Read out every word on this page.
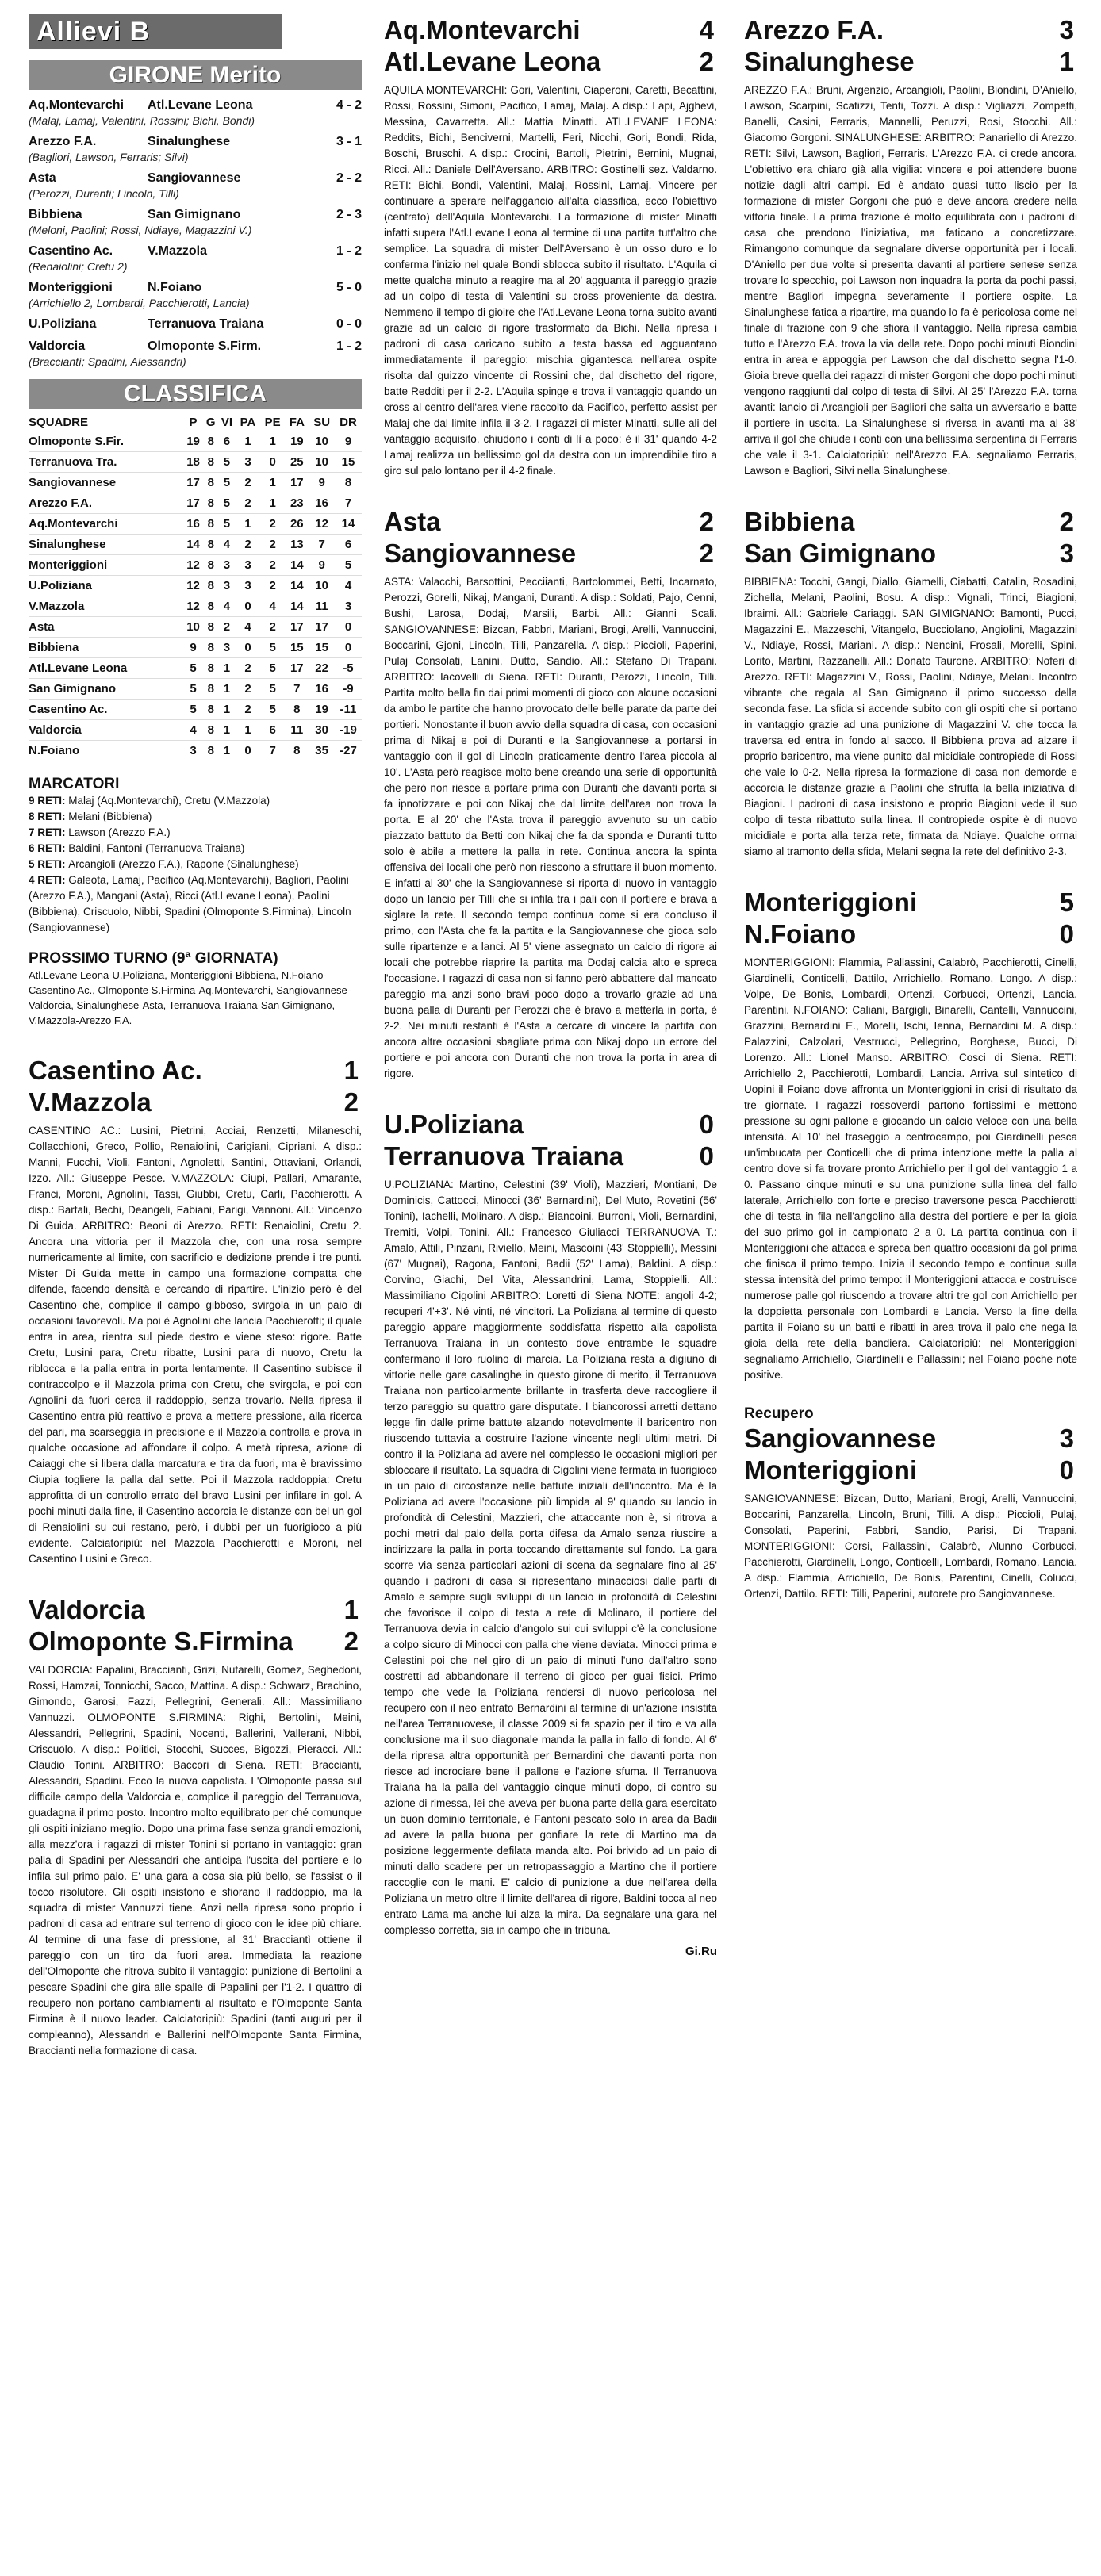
Allievi B
GIRONE Merito
Aq.Montevarchi	Atl.Levane Leona	4 - 2
(Malaj, Lamaj, Valentini, Rossini; Bichi, Bondi)
Arezzo F.A.	Sinalunghese	3 - 1
(Bagliori, Lawson, Ferraris; Silvi)
Asta	Sangiovannese	2 - 2
(Perozzi, Duranti; Lincoln, Tilli)
Bibbiena	San Gimignano	2 - 3
(Meloni, Paolini; Rossi, Ndiaye, Magazzini V.)
Casentino Ac.	V.Mazzola	1 - 2
(Renaiolini; Cretu 2)
Monteriggioni	N.Foiano	5 - 0
(Arrichiello 2, Lombardi, Pacchierotti, Lancia)
U.Poliziana	Terranuova Traiana	0 - 0
Valdorcia	Olmoponte S.Firm.	1 - 2
(Bracciantì; Spadini, Alessandri)
CLASSIFICA
SQUADRE	P	G	VI	PA	PE	FA	SU	DR
Olmoponte S.Fir.	19	8	6	1	1	19	10	9
Terranuova Tra.	18	8	5	3	0	25	10	15
Sangiovannese	17	8	5	2	1	17	9	8
Arezzo F.A.	17	8	5	2	1	23	16	7
Aq.Montevarchi	16	8	5	1	2	26	12	14
Sinalunghese	14	8	4	2	2	13	7	6
Monteriggioni	12	8	3	3	2	14	9	5
U.Poliziana	12	8	3	3	2	14	10	4
V.Mazzola	12	8	4	0	4	14	11	3
Asta	10	8	2	4	2	17	17	0
Bibbiena	9	8	3	0	5	15	15	0
Atl.Levane Leona	5	8	1	2	5	17	22	-5
San Gimignano	5	8	1	2	5	7	16	-9
Casentino Ac.	5	8	1	2	5	8	19	-11
Valdorcia	4	8	1	1	6	11	30	-19
N.Foiano	3	8	1	0	7	8	35	-27
MARCATORI
9 RETI: Malaj (Aq.Montevarchi), Cretu (V.Mazzola)
8 RETI: Melani (Bibbiena)
7 RETI: Lawson (Arezzo F.A.)
6 RETI: Baldini, Fantoni (Terranuova Traiana)
5 RETI: Arcangioli (Arezzo F.A.), Rapone (Sinalunghese)
4 RETI: Galeota, Lamaj, Pacifico (Aq.Montevarchi), Bagliori, Paolini (Arezzo F.A.), Mangani (Asta), Ricci (Atl.Levane Leona), Paolini (Bibbiena), Criscuolo, Nibbi, Spadini (Olmoponte S.Firmina), Lincoln (Sangiovannese)
PROSSIMO TURNO (9ª GIORNATA)
Atl.Levane Leona-U.Poliziana, Monteriggioni-Bibbiena, N.Foiano-Casentino Ac., Olmoponte S.Firmina-Aq.Montevarchi, Sangiovannese-Valdorcia, Sinalunghese-Asta, Terranuova Traiana-San Gimignano, V.Mazzola-Arezzo F.A.
Casentino Ac.	1
V.Mazzola	2
CASENTINO AC.: Lusini, Pietrini, Acciai, Renzetti, Milaneschi, Collacchioni, Greco, Pollio, Renaiolini, Carigiani, Cipriani. A disp.: Manni, Fucchi, Violi, Fantoni, Agnoletti, Santini, Ottaviani, Orlandi, Izzo. All.: Giuseppe Pesce. V.MAZZOLA: Ciupi, Pallari, Amarante, Franci, Moroni, Agnolini, Tassi, Giubbi, Cretu, Carli, Pacchierotti. A disp.: Bartali, Bechi, Deangeli, Fabiani, Parigi, Vannoni. All.: Vincenzo Di Guida. ARBITRO: Beoni di Arezzo. RETI: Renaiolini, Cretu 2. Ancora una vittoria per il Mazzola che, con una rosa sempre numericamente al limite, con sacrificio e dedizione prende i tre punti. Mister Di Guida mette in campo una formazione compatta che difende, facendo densità e cercando di ripartire. L'inizio però è del Casentino che, complice il campo gibboso, svirgola in un paio di occasioni favorevoli. Ma poi è Agnolini che lancia Pacchierotti; il quale entra in area, rientra sul piede destro e viene steso: rigore. Batte Cretu, Lusini para, Cretu ribatte, Lusini para di nuovo, Cretu la riblocca e la palla entra in porta lentamente. Il Casentino subisce il contraccolpo e il Mazzola prima con Cretu, che svirgola, e poi con Agnolini da fuori cerca il raddoppio, senza trovarlo. Nella ripresa il Casentino entra più reattivo e prova a mettere pressione, alla ricerca del pari, ma scarseggia in precisione e il Mazzola controlla e prova in qualche occasione ad affondare il colpo. A metà ripresa, azione di Caiaggi che si libera dalla marcatura e tira da fuori, ma è bravissimo Ciupia togliere la palla dal sette. Poi il Mazzola raddoppia: Cretu approfitta di un controllo errato del bravo Lusini per infilare in gol. A pochi minuti dalla fine, il Casentino accorcia le distanze con bel un gol di Renaiolini su cui restano, però, i dubbi per un fuorigioco a più evidente. Calciatoripiù: nel Mazzola Pacchierotti e Moroni, nel Casentino Lusini e Greco.
Valdorcia	1
Olmoponte S.Firmina 2
VALDORCIA: Papalini, Braccianti, Grizi, Nutarelli, Gomez, Seghedoni, Rossi, Hamzai, Tonnicchi, Sacco, Mattina. A disp.: Schwarz, Brachino, Gimondo, Garosi, Fazzi, Pellegrini, Generali. All.: Massimiliano Vannuzzi. OLMOPONTE S.FIRMINA: Righi, Bertolini, Meini, Alessandri, Pellegrini, Spadini, Nocenti, Ballerini, Vallerani, Nibbi, Criscuolo. A disp.: Politici, Stocchi, Succes, Bigozzi, Pieracci. All.: Claudio Tonini. ARBITRO: Baccori di Siena. RETI: Braccianti, Alessandri, Spadini. Ecco la nuova capolista. L'Olmoponte passa sul difficile campo della Valdorcia e, complice il pareggio del Terranuova, guadagna il primo posto. Incontro molto equilibrato per ché comunque gli ospiti iniziano meglio. Dopo una prima fase senza grandi emozioni, alla mezz'ora i ragazzi di mister Tonini si portano in vantaggio: gran palla di Spadini per Alessandri che anticipa l'uscita del portiere e lo infila sul primo palo. E' una gara a cosa sia più bello, se l'assist o il tocco risolutore. Gli ospiti insistono e sfiorano il raddoppio, ma la squadra di mister Vannuzzi tiene. Anzi nella ripresa sono proprio i padroni di casa ad entrare sul terreno di gioco con le idee più chiare. Al termine di una fase di pressione, al 31' Bracciantì ottiene il pareggio con un tiro da fuori area. Immediata la reazione dell'Olmoponte che ritrova subito il vantaggio: punizione di Bertolini a pescare Spadini che gira alle spalle di Papalini per l'1-2. I quattro di recupero non portano cambiamenti al risultato e l'Olmoponte Santa Firmina è il nuovo leader. Calciatoripiù: Spadini (tanti auguri per il compleanno), Alessandri e Ballerini nell'Olmoponte Santa Firmina, Braccianti nella formazione di casa.
Aq.Montevarchi	4
Atl.Levane Leona	2
AQUILA MONTEVARCHI: Gori, Valentini, Ciaperoni, Caretti, Becattini, Rossi, Rossini, Simoni, Pacifico, Lamaj, Malaj. A disp.: Lapi, Ajghevi, Messina, Cavarretta. All.: Mattia Minatti. ATL.LEVANE LEONA: Reddits, Bichi, Benciverni, Martelli, Feri, Nicchi, Gori, Bondi, Rida, Boschi, Bruschi. A disp.: Crocini, Bartoli, Pietrini, Bemini, Mugnai, Ricci. All.: Daniele Dell'Aversano. ARBITRO: Gostinelli sez. Valdarno. RETI: Bichi, Bondi, Valentini, Malaj, Rossini, Lamaj. Vincere per continuare a sperare nell'aggancio all'alta classifica, ecco l'obiettivo (centrato) dell'Aquila Montevarchi. La formazione di mister Minatti infatti supera l'Atl.Levane Leona al termine di una partita tutt'altro che semplice. La squadra di mister Dell'Aversano è un osso duro e lo conferma l'inizio nel quale Bondi sblocca subito il risultato. L'Aquila ci mette qualche minuto a reagire ma al 20' agguanta il pareggio grazie ad un colpo di testa di Valentini su cross proveniente da destra. Nemmeno il tempo di gioire che l'Atl.Levane Leona torna subito avanti grazie ad un calcio di rigore trasformato da Bichi. Nella ripresa i padroni di casa caricano subito a testa bassa ed agguantano immediatamente il pareggio: mischia gigantesca nell'area ospite risolta dal guizzo vincente di Rossini che, dal dischetto del rigore, batte Redditi per il 2-2. L'Aquila spinge e trova il vantaggio quando un cross al centro dell'area viene raccolto da Pacifico, perfetto assist per Malaj che dal limite infila il 3-2. I ragazzi di mister Minatti, sulle ali del vantaggio acquisito, chiudono i conti di lì a poco: è il 31' quando 4-2 Lamaj realizza un bellissimo gol da destra con un imprendibile tiro a giro sul palo lontano per il 4-2 finale.
Asta	2
Sangiovannese	2
ASTA: Valacchi, Barsottini, Pecciianti, Bartolommei, Betti, Incarnato, Perozzi, Gorelli, Nikaj, Mangani, Duranti. A disp.: Soldati, Pajo, Cenni, Bushi, Larosa, Dodaj, Marsili, Barbi. All.: Gianni Scali. SANGIOVANNESE: Bizcan, Fabbri, Mariani, Brogi, Arelli, Vannuccini, Boccarini, Gjoni, Lincoln, Tilli, Panzarella. A disp.: Piccioli, Paperini, Pulaj Consolati, Lanini, Dutto, Sandio. All.: Stefano Di Trapani. ARBITRO: Iacovelli di Siena. RETI: Duranti, Perozzi, Lincoln, Tilli. Partita molto bella fin dai primi momenti di gioco con alcune occasioni da ambo le partite che hanno provocato delle belle parate da parte dei portieri. Nonostante il buon avvio della squadra di casa, con occasioni prima di Nikaj e poi di Duranti e la Sangiovannese a portarsi in vantaggio con il gol di Lincoln praticamente dentro l'area piccola al 10'. L'Asta però reagisce molto bene creando una serie di opportunità che però non riesce a portare prima con Duranti che davanti porta si fa ipnotizzare e poi con Nikaj che dal limite dell'area non trova la porta. E al 20' che l'Asta trova il pareggio avvenuto su un cabio piazzato battuto da Betti con Nikaj che fa da sponda e Duranti tutto solo è abile a mettere la palla in rete. Continua ancora la spinta offensiva dei locali che però non riescono a sfruttare il buon momento. E infatti al 30' che la Sangiovannese si riporta di nuovo in vantaggio dopo un lancio per Tilli che si infila tra i pali con il portiere e brava a siglare la rete. Il secondo tempo continua come si era concluso il primo, con l'Asta che fa la partita e la Sangiovannese che gioca solo sulle ripartenze e a lanci. Al 5' viene assegnato un calcio di rigore ai locali che potrebbe riaprire la partita ma Dodaj calcia alto e spreca l'occasione. I ragazzi di casa non si fanno però abbattere dal mancato pareggio ma anzi sono bravi poco dopo a trovarlo grazie ad una buona palla di Duranti per Perozzi che è bravo a metterla in porta, è 2-2. Nei minuti restanti è l'Asta a cercare di vincere la partita con ancora altre occasioni sbagliate prima con Nikaj dopo un errore del portiere e poi ancora con Duranti che non trova la porta in area di rigore.
U.Poliziana	0
Terranuova Traiana	0
U.POLIZIANA: Martino, Celestini (39' Violi), Mazzieri, Montiani, De Dominicis, Cattocci, Minocci (36' Bernardini), Del Muto, Rovetini (56' Tonini), Iachelli, Molinaro. A disp.: Biancoini, Burroni, Violi, Bernardini, Tremiti, Volpi, Tonini. All.: Francesco Giuliacci TERRANUOVA T.: Amalo, Attili, Pinzani, Riviello, Meini, Mascoini (43' Stoppielli), Messini (67' Mugnai), Ragona, Fantoni, Badii (52' Lama), Baldini. A disp.: Corvino, Giachi, Del Vita, Alessandrini, Lama, Stoppielli. All.: Massimiliano Cigolini ARBITRO: Loretti di Siena NOTE: angoli 4-2; recuperi 4'+3'. Né vinti, né vincitori. La Poliziana al termine di questo pareggio appare maggiormente soddisfatta rispetto alla capolista Terranuova Traiana in un contesto dove entrambe le squadre confermano il loro ruolino di marcia. La Poliziana resta a digiuno di vittorie nelle gare casalinghe in questo girone di merito, il Terranuova Traiana non particolarmente brillante in trasferta deve raccogliere il terzo pareggio su quattro gare disputate. I biancorossi arretti dettano legge fin dalle prime battute alzando notevolmente il baricentro non riuscendo tuttavia a costruire l'azione vincente negli ultimi metri. Di contro il la Poliziana ad avere nel complesso le occasioni migliori per sbloccare il risultato. La squadra di Cigolini viene fermata in fuorigioco in un paio di circostanze nelle battute iniziali dell'incontro. Ma è la Poliziana ad avere l'occasione più limpida al 9' quando su lancio in profondità di Celestini, Mazzieri, che attaccante non è, si ritrova a pochi metri dal palo della porta difesa da Amalo senza riuscire a indirizzare la palla in porta toccando direttamente sul fondo. La gara scorre via senza particolari azioni di scena da segnalare fino al 25' quando i padroni di casa si ripresentano minacciosi dalle parti di Amalo e sempre sugli sviluppi di un lancio in profondità di Celestini che favorisce il colpo di testa a rete di Molinaro, il portiere del Terranuova devia in calcio d'angolo sui cui sviluppi c'è la conclusione a colpo sicuro di Minocci con palla che viene deviata. Minocci prima e Celestini poi che nel giro di un paio di minuti l'uno dall'altro sono costretti ad abbandonare il terreno di gioco per guai fisici. Primo tempo che vede la Poliziana rendersi di nuovo pericolosa nel recupero con il neo entrato Bernardini al termine di un'azione insistita nell'area Terranuovese, il classe 2009 si fa spazio per il tiro e va alla conclusione ma il suo diagonale manda la palla in fallo di fondo. Al 6' della ripresa altra opportunità per Bernardini che davanti porta non riesce ad incrociare bene il pallone e l'azione sfuma. Il Terranuova Traiana ha la palla del vantaggio cinque minuti dopo, di contro su azione di rimessa, lei che aveva per buona parte della gara esercitato un buon dominio territoriale, è Fantoni pescato solo in area da Badii ad avere la palla buona per gonfiare la rete di Martino ma da posizione leggermente defilata manda alto. Poi brivido ad un paio di minuti dallo scadere per un retropassaggio a Martino che il portiere raccoglie con le mani. E' calcio di punizione a due nell'area della Poliziana un metro oltre il limite dell'area di rigore, Baldini tocca al neo entrato Lama ma anche lui alza la mira. Da segnalare una gara nel complesso corretta, sia in campo che in tribuna.
Gi.Ru
Arezzo F.A.	3
Sinalunghese	1
AREZZO F.A.: Bruni, Argenzio, Arcangioli, Paolini, Biondini, D'Aniello, Lawson, Scarpini, Scatizzi, Tenti, Tozzi. A disp.: Vigliazzi, Zompetti, Banelli, Casini, Ferraris, Mannelli, Peruzzi, Rosi, Stocchi. All.: Giacomo Gorgoni. SINALUNGHESE: ARBITRO: Panariello di Arezzo. RETI: Silvi, Lawson, Bagliori, Ferraris. L'Arezzo F.A. ci crede ancora. L'obiettivo era chiaro già alla vigilia: vincere e poi attendere buone notizie dagli altri campi. Ed è andato quasi tutto liscio per la formazione di mister Gorgoni che può e deve ancora credere nella vittoria finale. La prima frazione è molto equilibrata con i padroni di casa che prendono l'iniziativa, ma faticano a concretizzare. Rimangono comunque da segnalare diverse opportunità per i locali. D'Aniello per due volte si presenta davanti al portiere senese senza trovare lo specchio, poi Lawson non inquadra la porta da pochi passi, mentre Bagliori impegna severamente il portiere ospite. La Sinalunghese fatica a ripartire, ma quando lo fa è pericolosa come nel finale di frazione con 9 che sfiora il vantaggio. Nella ripresa cambia tutto e l'Arezzo F.A. trova la via della rete. Dopo pochi minuti Biondini entra in area e appoggia per Lawson che dal dischetto segna l'1-0. Gioia breve quella dei ragazzi di mister Gorgoni che dopo pochi minuti vengono raggiunti dal colpo di testa di Silvi. Al 25' l'Arezzo F.A. torna avanti: lancio di Arcangioli per Bagliori che salta un avversario e batte il portiere in uscita. La Sinalunghese si riversa in avanti ma al 38' arriva il gol che chiude i conti con una bellissima serpentina di Ferraris che vale il 3-1. Calciatoripiù: nell'Arezzo F.A. segnaliamo Ferraris, Lawson e Bagliori, Silvi nella Sinalunghese.
Bibbiena	2
San Gimignano	3
BIBBIENA: Tocchi, Gangi, Diallo, Giamelli, Ciabatti, Catalin, Rosadini, Zichella, Melani, Paolini, Bosu. A disp.: Vignali, Trinci, Biagioni, Ibraimi. All.: Gabriele Cariaggi. SAN GIMIGNANO: Bamonti, Pucci, Magazzini E., Mazzeschi, Vitangelo, Bucciolano, Angiolini, Magazzini V., Ndiaye, Rossi, Mariani. A disp.: Nencini, Frosali, Morelli, Spini, Lorito, Martini, Razzanelli. All.: Donato Taurone. ARBITRO: Noferi di Arezzo. RETI: Magazzini V., Rossi, Paolini, Ndiaye, Melani. Incontro vibrante che regala al San Gimignano il primo successo della seconda fase. La sfida si accende subito con gli ospiti che si portano in vantaggio grazie ad una punizione di Magazzini V. che tocca la traversa ed entra in fondo al sacco. Il Bibbiena prova ad alzare il proprio baricentro, ma viene punito dal micidiale contropiede di Rossi che vale lo 0-2. Nella ripresa la formazione di casa non demorde e accorcia le distanze grazie a Paolini che sfrutta la bella iniziativa di Biagioni. I padroni di casa insistono e proprio Biagioni vede il suo colpo di testa ribattuto sulla linea. Il contropiede ospite è di nuovo micidiale e porta alla terza rete, firmata da Ndiaye. Qualche orrnai siamo al tramonto della sfida, Melani segna la rete del definitivo 2-3.
Monteriggioni	5
N.Foiano	0
MONTERIGGIONI: Flammia, Pallassini, Calabrò, Pacchierotti, Cinelli, Giardinelli, Conticelli, Dattilo, Arrichiello, Romano, Longo. A disp.: Volpe, De Bonis, Lombardi, Ortenzi, Corbucci, Ortenzi, Lancia, Parentini. N.FOIANO: Caliani, Bargigli, Binarelli, Cantelli, Vannuccini, Grazzini, Bernardini E., Morelli, Ischi, Ienna, Bernardini M. A disp.: Palazzini, Calzolari, Vestrucci, Pellegrino, Borghese, Bucci, Di Lorenzo. All.: Lionel Manso. ARBITRO: Cosci di Siena. RETI: Arrichiello 2, Pacchierotti, Lombardi, Lancia. Arriva sul sintetico di Uopini il Foiano dove affronta un Monteriggioni in crisi di risultato da tre giornate. I ragazzi rossoverdi partono fortissimi e mettono pressione su ogni pallone e giocando un calcio veloce con una bella intensità. Al 10' bel fraseggio a centrocampo, poi Giardinelli pesca un'imbucata per Conticelli che di prima intenzione mette la palla al centro dove si fa trovare pronto Arrichiello per il gol del vantaggio 1 a 0. Passano cinque minuti e su una punizione sulla linea del fallo laterale, Arrichiello con forte e preciso traversone pesca Pacchierotti che di testa in fila nell'angolino alla destra del portiere e per la gioia del suo primo gol in campionato 2 a 0. La partita continua con il Monteriggioni che attacca e spreca ben quattro occasioni da gol prima che finisca il primo tempo. Inizia il secondo tempo e continua sulla stessa intensità del primo tempo: il Monteriggioni attacca e costruisce numerose palle gol riuscendo a trovare altri tre gol con Arrichiello per la doppietta personale con Lombardi e Lancia. Verso la fine della partita il Foiano su un batti e ribatti in area trova il palo che nega la gioia della rete della bandiera. Calciatoripiù: nel Monteriggioni segnaliamo Arrichiello, Giardinelli e Pallassini; nel Foiano poche note positive.
Recupero
Sangiovannese	3
Monteriggioni	0
SANGIOVANNESE: Bizcan, Dutto, Mariani, Brogi, Arelli, Vannuccini, Boccarini, Panzarella, Lincoln, Bruni, Tilli. A disp.: Piccioli, Pulaj, Consolati, Paperini, Fabbri, Sandio, Parisi, Di Trapani. MONTERIGGIONI: Corsi, Pallassini, Calabrò, Alunno Corbucci, Pacchierotti, Giardinelli, Longo, Conticelli, Lombardi, Romano, Lancia. A disp.: Flammia, Arrichiello, De Bonis, Parentini, Cinelli, Colucci, Ortenzi, Dattilo. RETI: Tilli, Paperini, autorete pro Sangiovannese.
